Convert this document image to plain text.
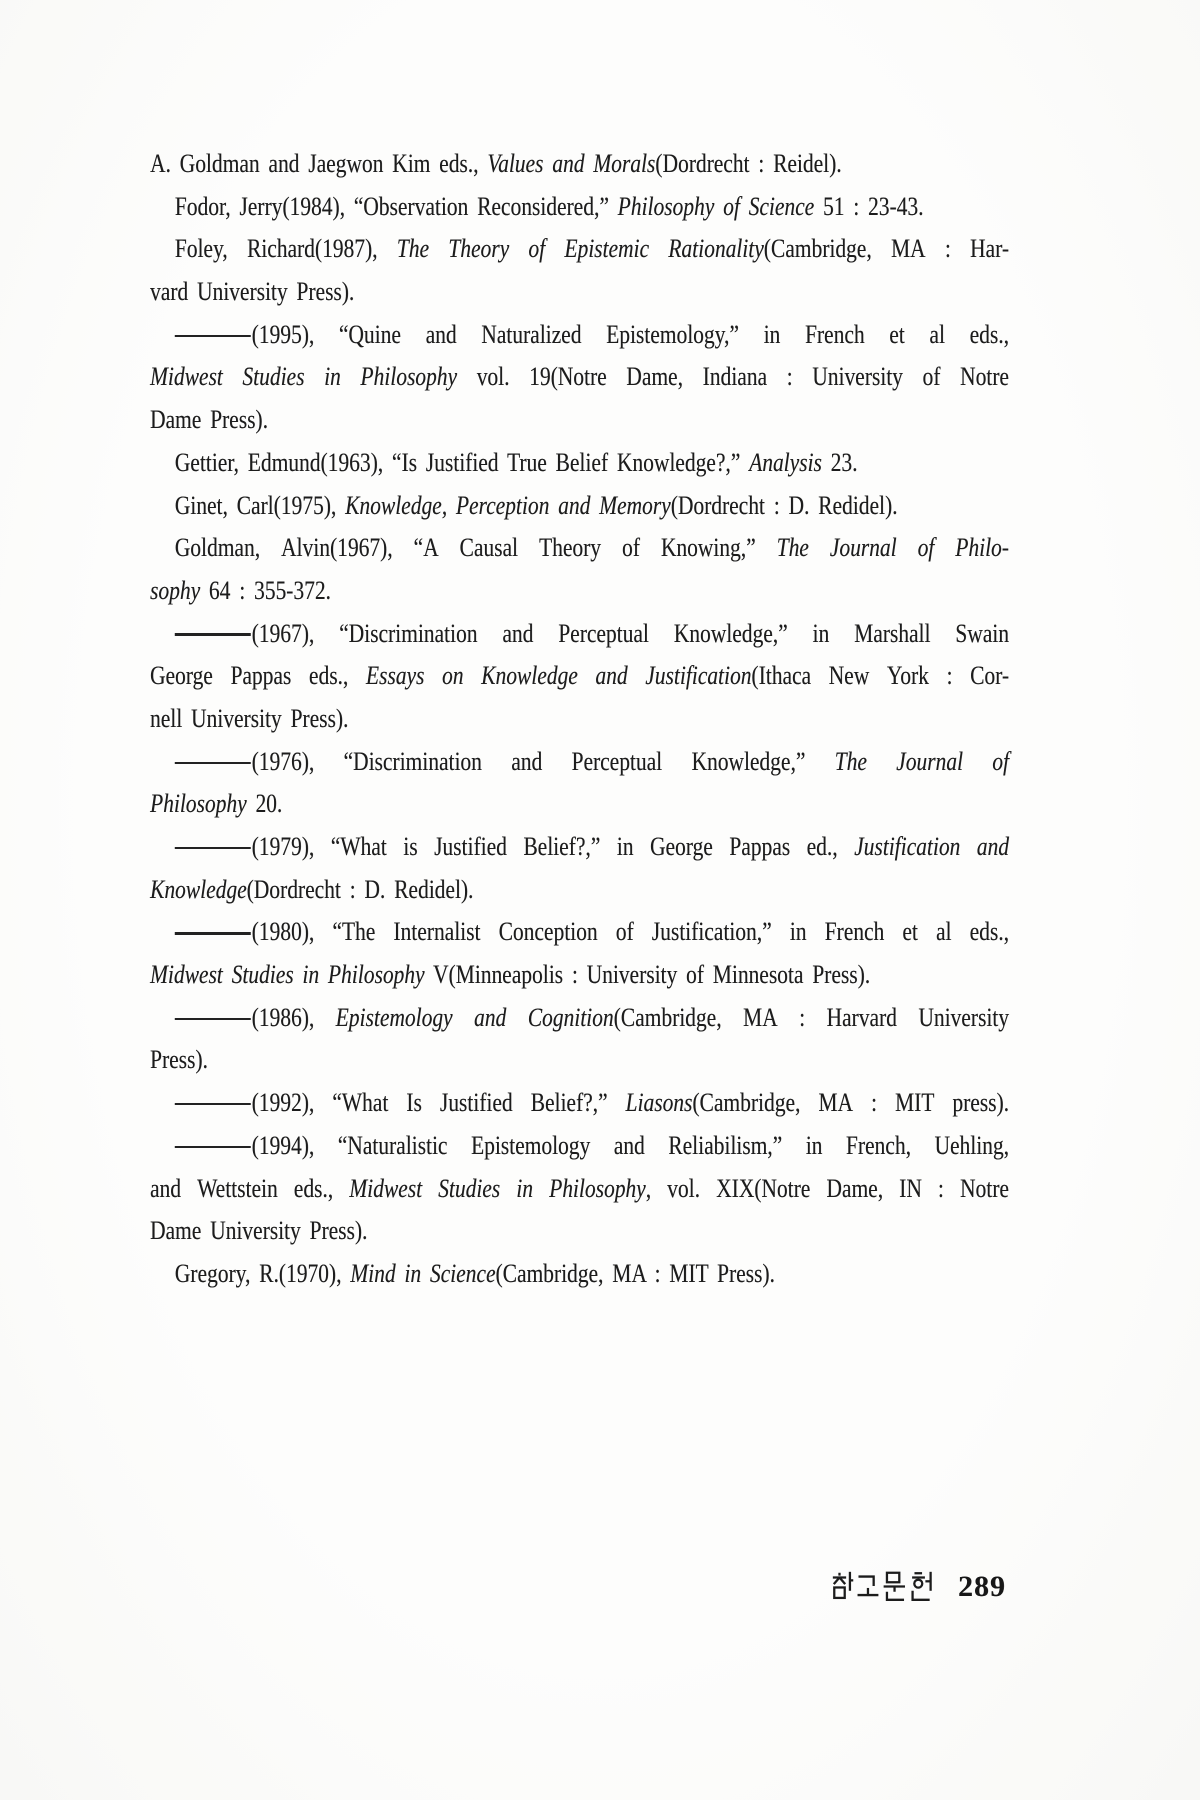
A. Goldman and Jaegwon Kim eds., Values and Morals(Dordrecht : Reidel).
Fodor, Jerry(1984), “Observation Reconsidered,” Philosophy of Science 51 : 23-43.
Foley, Richard(1987), The Theory of Epistemic Rationality(Cambridge, MA : Har-
vard University Press).
(1995), “Quine and Naturalized Epistemology,” in French et al eds.,
Midwest Studies in Philosophy vol. 19(Notre Dame, Indiana : University of Notre
Dame Press).
Gettier, Edmund(1963), “Is Justified True Belief Knowledge?,” Analysis 23.
Ginet, Carl(1975), Knowledge, Perception and Memory(Dordrecht : D. Redidel).
Goldman, Alvin(1967), “A Causal Theory of Knowing,” The Journal of Philo-
sophy 64 : 355-372.
(1967), “Discrimination and Perceptual Knowledge,” in Marshall Swain
George Pappas eds., Essays on Knowledge and Justification(Ithaca New York : Cor-
nell University Press).
(1976), “Discrimination and Perceptual Knowledge,” The Journal of
Philosophy 20.
(1979), “What is Justified Belief?,” in George Pappas ed., Justification and
Knowledge(Dordrecht : D. Redidel).
(1980), “The Internalist Conception of Justification,” in French et al eds.,
Midwest Studies in Philosophy V(Minneapolis : University of Minnesota Press).
(1986), Epistemology and Cognition(Cambridge, MA : Harvard University
Press).
(1992), “What Is Justified Belief?,” Liasons(Cambridge, MA : MIT press).
(1994), “Naturalistic Epistemology and Reliabilism,” in French, Uehling,
and Wettstein eds., Midwest Studies in Philosophy, vol. XIX(Notre Dame, IN : Notre
Dame University Press).
Gregory, R.(1970), Mind in Science(Cambridge, MA : MIT Press).
289
